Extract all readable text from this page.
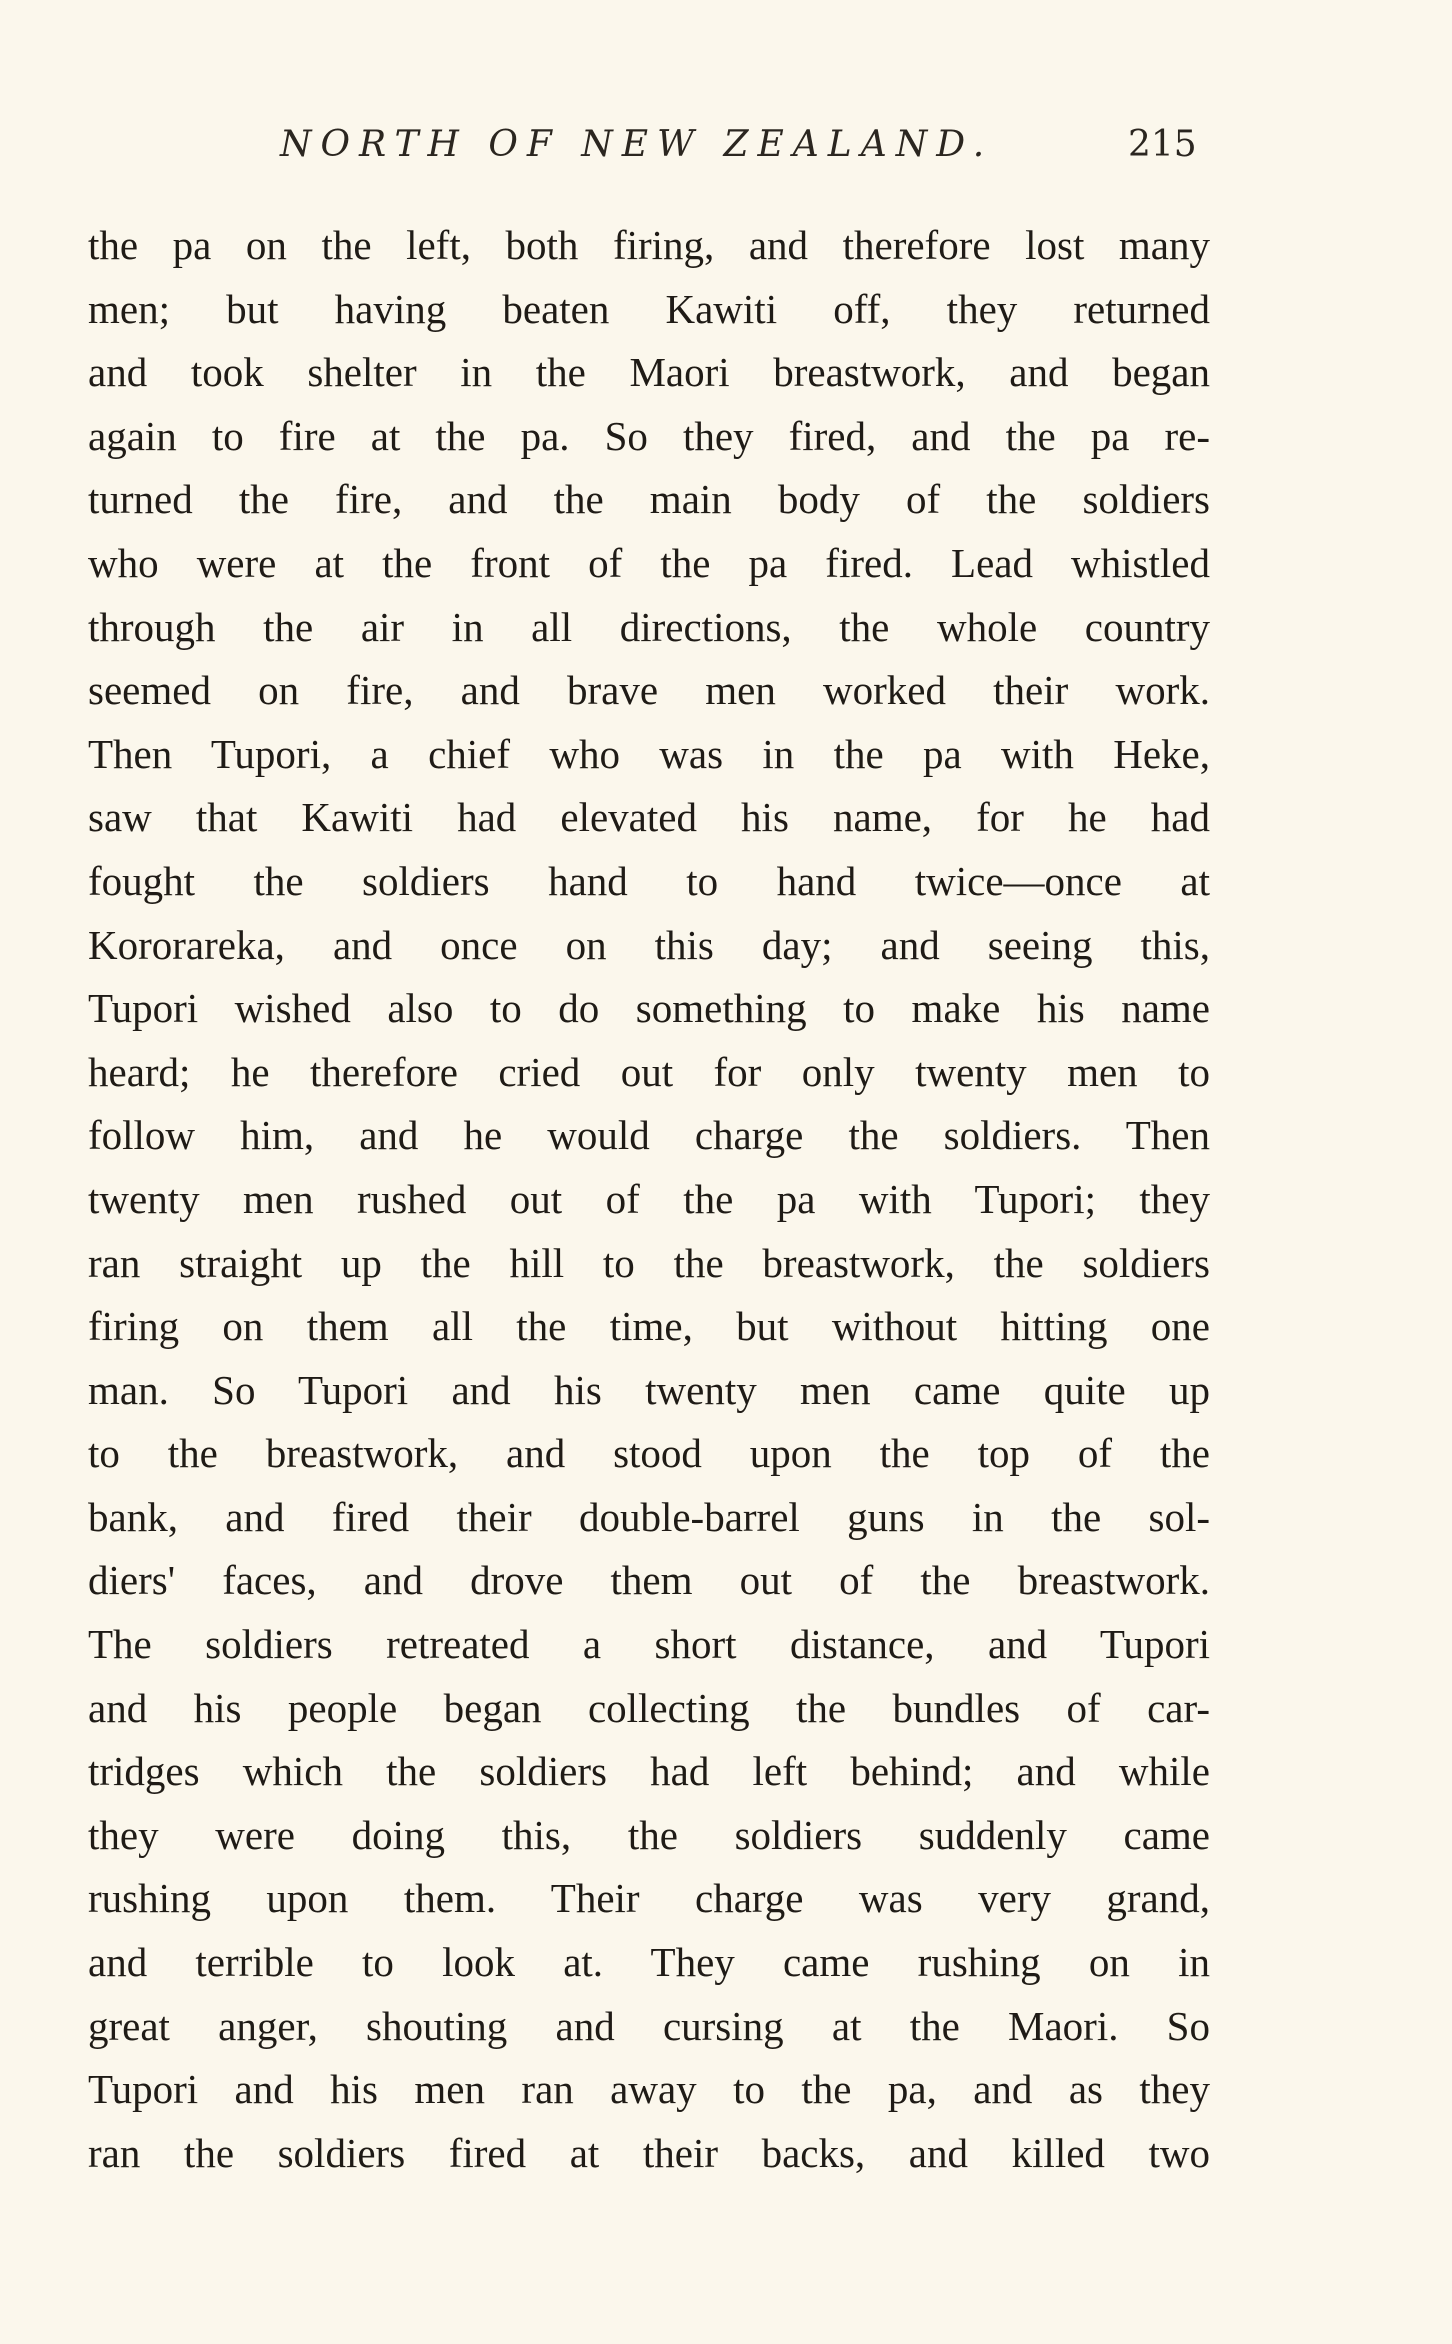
NORTH OF NEW ZEALAND.	215
the pa on the left, both firing, and therefore lost many
men; but having beaten Kawiti off, they returned
and took shelter in the Maori breastwork, and began
again to fire at the pa. So they fired, and the pa re-
turned the fire, and the main body of the soldiers
who were at the front of the pa fired. Lead whistled
through the air in all directions, the whole country
seemed on fire, and brave men worked their work.
Then Tupori, a chief who was in the pa with Heke,
saw that Kawiti had elevated his name, for he had
fought the soldiers hand to hand twice—once at
Kororareka, and once on this day; and seeing this,
Tupori wished also to do something to make his name
heard; he therefore cried out for only twenty men to
follow him, and he would charge the soldiers. Then
twenty men rushed out of the pa with Tupori; they
ran straight up the hill to the breastwork, the soldiers
firing on them all the time, but without hitting one
man. So Tupori and his twenty men came quite up
to the breastwork, and stood upon the top of the
bank, and fired their double-barrel guns in the sol-
diers' faces, and drove them out of the breastwork.
The soldiers retreated a short distance, and Tupori
and his people began collecting the bundles of car-
tridges which the soldiers had left behind; and while
they were doing this, the soldiers suddenly came
rushing upon them. Their charge was very grand,
and terrible to look at. They came rushing on in
great anger, shouting and cursing at the Maori. So
Tupori and his men ran away to the pa, and as they
ran the soldiers fired at their backs, and killed two
